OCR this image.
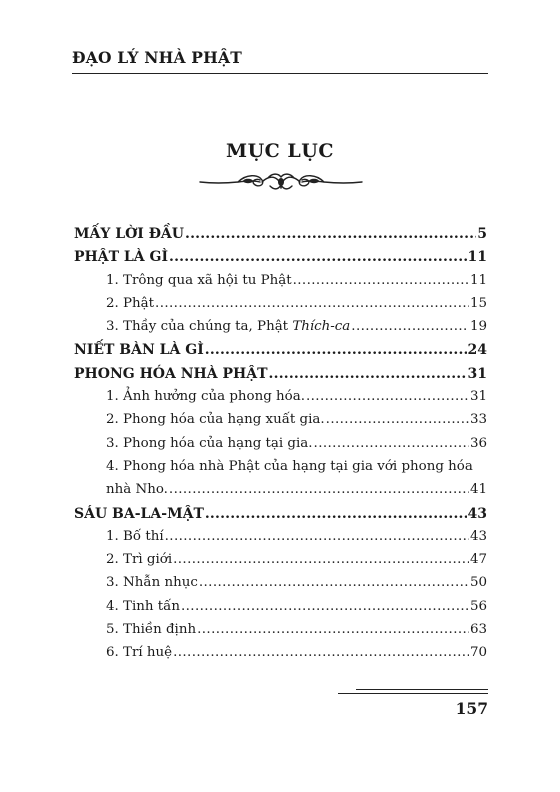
ĐẠO LÝ NHÀ PHẬT
MỤC LỤC
MẤY LỜI ĐẦU .....	5
PHẬT LÀ GÌ .....	11
1. Trông qua xã hội tu Phật .....	11
2. Phật .....	15
3. Thầy của chúng ta, Phật Thích-ca .....	19
NIẾT BÀN LÀ GÌ .....	24
PHONG HÓA NHÀ PHẬT .....	31
1. Ảnh hưởng của phong hóa. .....	31
2. Phong hóa của hạng xuất gia. .....	33
3. Phong hóa của hạng tại gia. .....	36
4. Phong hóa nhà Phật của hạng tại gia với phong hóa
nhà Nho. .....	41
SÁU BA-LA-MẬT .....	43
1. Bố thí .....	43
2. Trì giới .....	47
3. Nhẫn nhục .....	50
4. Tinh tấn .....	56
5. Thiền định .....	63
6. Trí huệ .....	70
157
